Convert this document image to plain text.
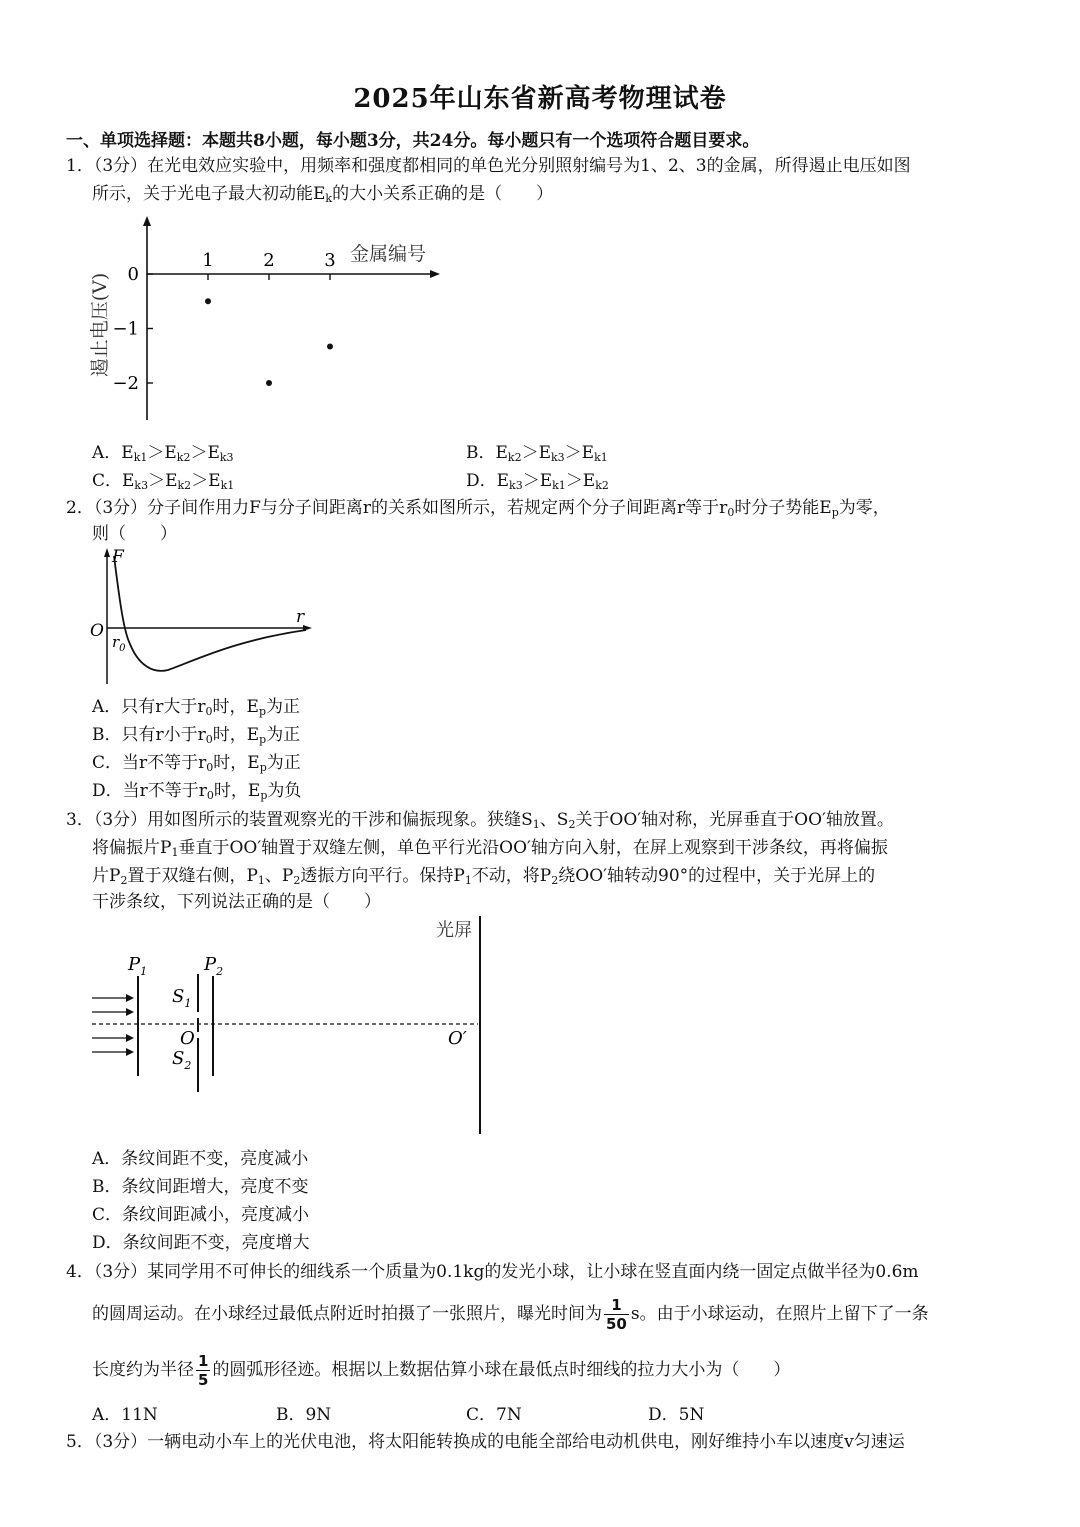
2025年山东省新高考物理试卷
一、单项选择题：本题共8小题，每小题3分，共24分。每小题只有一个选项符合题目要求。
1．（3分）在光电效应实验中，用频率和强度都相同的单色光分别照射编号为1、2、3的金属，所得遏止电压如图
所示，关于光电子最大初动能$E_k$的大小关系正确的是（　　）
0
−1
−2
1	2	3 金属编号
遏止电压(V)
A．$E_{k1}>E_{k2}>E_{k3}$	B．$E_{k2}>E_{k3}>E_{k1}$
C．$E_{k3}>E_{k2}>E_{k1}$	D．$E_{k3}>E_{k1}>E_{k2}$
2．（3分）分子间作用力F与分子间距离r的关系如图所示，若规定两个分子间距离r等于$r_0$时分子势能$E_p$为零，
则（　　）
F
r
O
$r_0$
A．只有r大于$r_0$时，$E_p$为正
B．只有r小于$r_0$时，$E_p$为正
C．当r不等于$r_0$时，$E_p$为正
D．当r不等于$r_0$时，$E_p$为负
3．（3分）用如图所示的装置观察光的干涉和偏振现象。狭缝$S_1$、$S_2$关于OO′轴对称，光屏垂直于OO′轴放置。
将偏振片$P_1$垂直于OO′轴置于双缝左侧，单色平行光沿OO′轴方向入射，在屏上观察到干涉条纹，再将偏振
片$P_2$置于双缝右侧，$P_1$、$P_2$透振方向平行。保持$P_1$不动，将$P_2$绕OO′轴转动90°的过程中，关于光屏上的
干涉条纹，下列说法正确的是（　　）
光屏
$P_1$	$P_2$
$S_1$
$S_2$
O	O′
A．条纹间距不变，亮度减小
B．条纹间距增大，亮度不变
C．条纹间距减小，亮度减小
D．条纹间距不变，亮度增大
4．（3分）某同学用不可伸长的细线系一个质量为0.1kg的发光小球，让小球在竖直面内绕一固定点做半径为0.6m
的圆周运动。在小球经过最低点附近时拍摄了一张照片，曝光时间为 $\frac{1}{50}$ s。由于小球运动，在照片上留下了一条
长度约为半径 $\frac{1}{5}$ 的圆弧形径迹。根据以上数据估算小球在最低点时细线的拉力大小为（　　）
A．11N	B．9N	C．7N	D．5N
5．（3分）一辆电动小车上的光伏电池，将太阳能转换成的电能全部给电动机供电，刚好维持小车以速度v匀速运
